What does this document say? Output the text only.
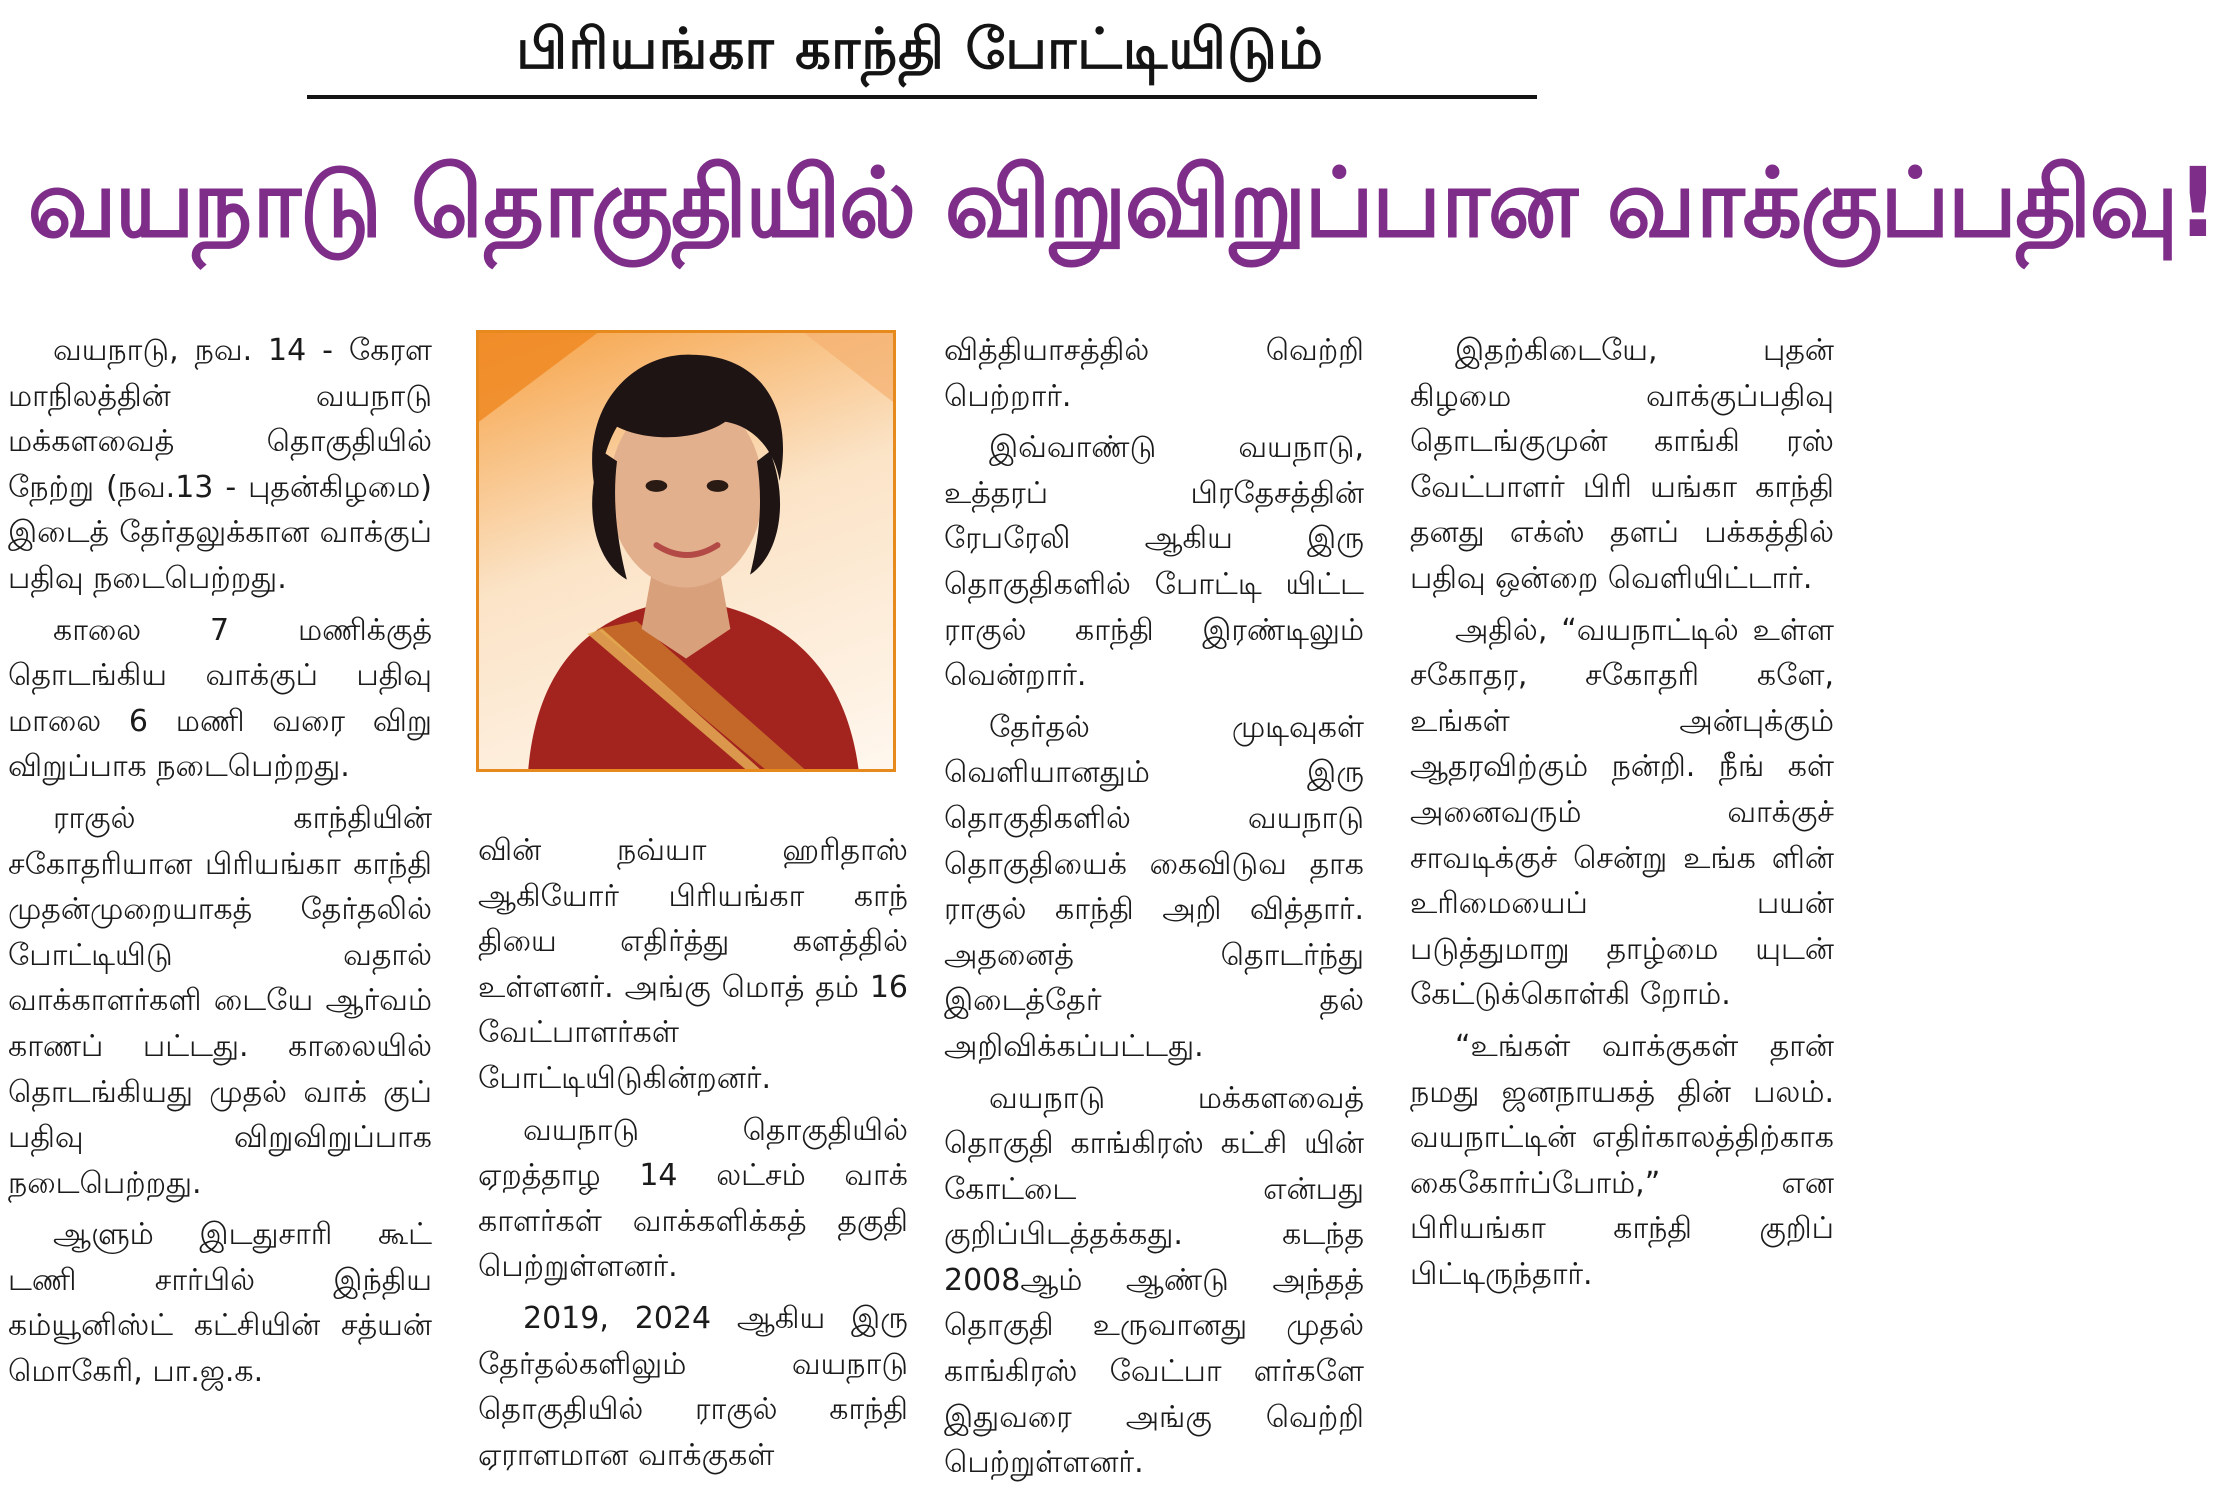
பிரியங்கா காந்தி போட்டியிடும்
வயநாடு தொகுதியில் விறுவிறுப்பான வாக்குப்பதிவு!

வயநாடு, நவ. 14 - கேரள மாநிலத்தின் வயநாடு மக்களவைத் தொகுதியில் நேற்று (நவ.13 - புதன்கிழமை) இடைத் தேர்தலுக்கான வாக்குப் பதிவு நடைபெற்றது.

காலை 7 மணிக்குத் தொடங்கிய வாக்குப் பதிவு மாலை 6 மணி வரை விறு விறுப்பாக நடைபெற்றது.

ராகுல் காந்தியின் சகோதரியான பிரியங்கா காந்தி முதன்முறையாகத் தேர்தலில் போட்டியிடு வதால் வாக்காளர்களி டையே ஆர்வம் காணப் பட்டது. காலையில் தொடங்கியது முதல் வாக் குப் பதிவு விறுவிறுப்பாக நடைபெற்றது.

ஆளும் இடதுசாரி கூட் டணி சார்பில் இந்திய கம்யூனிஸ்ட் கட்சியின் சத்யன் மொகேரி, பா.ஜ.க.

வின் நவ்யா ஹரிதாஸ் ஆகியோர் பிரியங்கா காந் தியை எதிர்த்து களத்தில் உள்ளனர். அங்கு மொத் தம் 16 வேட்பாளர்கள் போட்டியிடுகின்றனர்.

வயநாடு தொகுதியில் ஏறத்தாழ 14 லட்சம் வாக் காளர்கள் வாக்களிக்கத் தகுதி பெற்றுள்ளனர்.

2019, 2024 ஆகிய இரு தேர்தல்களிலும் வயநாடு தொகுதியில் ராகுல் காந்தி ஏராளமான வாக்குகள்

வித்தியாசத்தில் வெற்றி பெற்றார்.

இவ்வாண்டு வயநாடு, உத்தரப் பிரதேசத்தின் ரேபரேலி ஆகிய இரு தொகுதிகளில் போட்டி யிட்ட ராகுல் காந்தி இரண்டிலும் வென்றார்.

தேர்தல் முடிவுகள் வெளியானதும் இரு தொகுதிகளில் வயநாடு தொகுதியைக் கைவிடுவ தாக ராகுல் காந்தி அறி வித்தார். அதனைத் தொடர்ந்து இடைத்தேர் தல் அறிவிக்கப்பட்டது.

வயநாடு மக்களவைத் தொகுதி காங்கிரஸ் கட்சி யின் கோட்டை என்பது குறிப்பிடத்தக்கது. கடந்த 2008ஆம் ஆண்டு அந்தத் தொகுதி உருவானது முதல் காங்கிரஸ் வேட்பா ளர்களே இதுவரை அங்கு வெற்றி பெற்றுள்ளனர்.

இதற்கிடையே, புதன் கிழமை வாக்குப்பதிவு தொடங்குமுன் காங்கி ரஸ் வேட்பாளர் பிரி யங்கா காந்தி தனது எக்ஸ் தளப் பக்கத்தில் பதிவு ஒன்றை வெளியிட்டார்.

அதில், “வயநாட்டில் உள்ள சகோதர, சகோதரி களே, உங்கள் அன்புக்கும் ஆதரவிற்கும் நன்றி. நீங் கள் அனைவரும் வாக்குச் சாவடிக்குச் சென்று உங்க ளின் உரிமையைப் பயன் படுத்துமாறு தாழ்மை யுடன் கேட்டுக்கொள்கி றோம்.

“உங்கள் வாக்குகள் தான் நமது ஜனநாயகத் தின் பலம். வயநாட்டின் எதிர்காலத்திற்காக கைகோர்ப்போம்,” என பிரியங்கா காந்தி குறிப் பிட்டிருந்தார்.
